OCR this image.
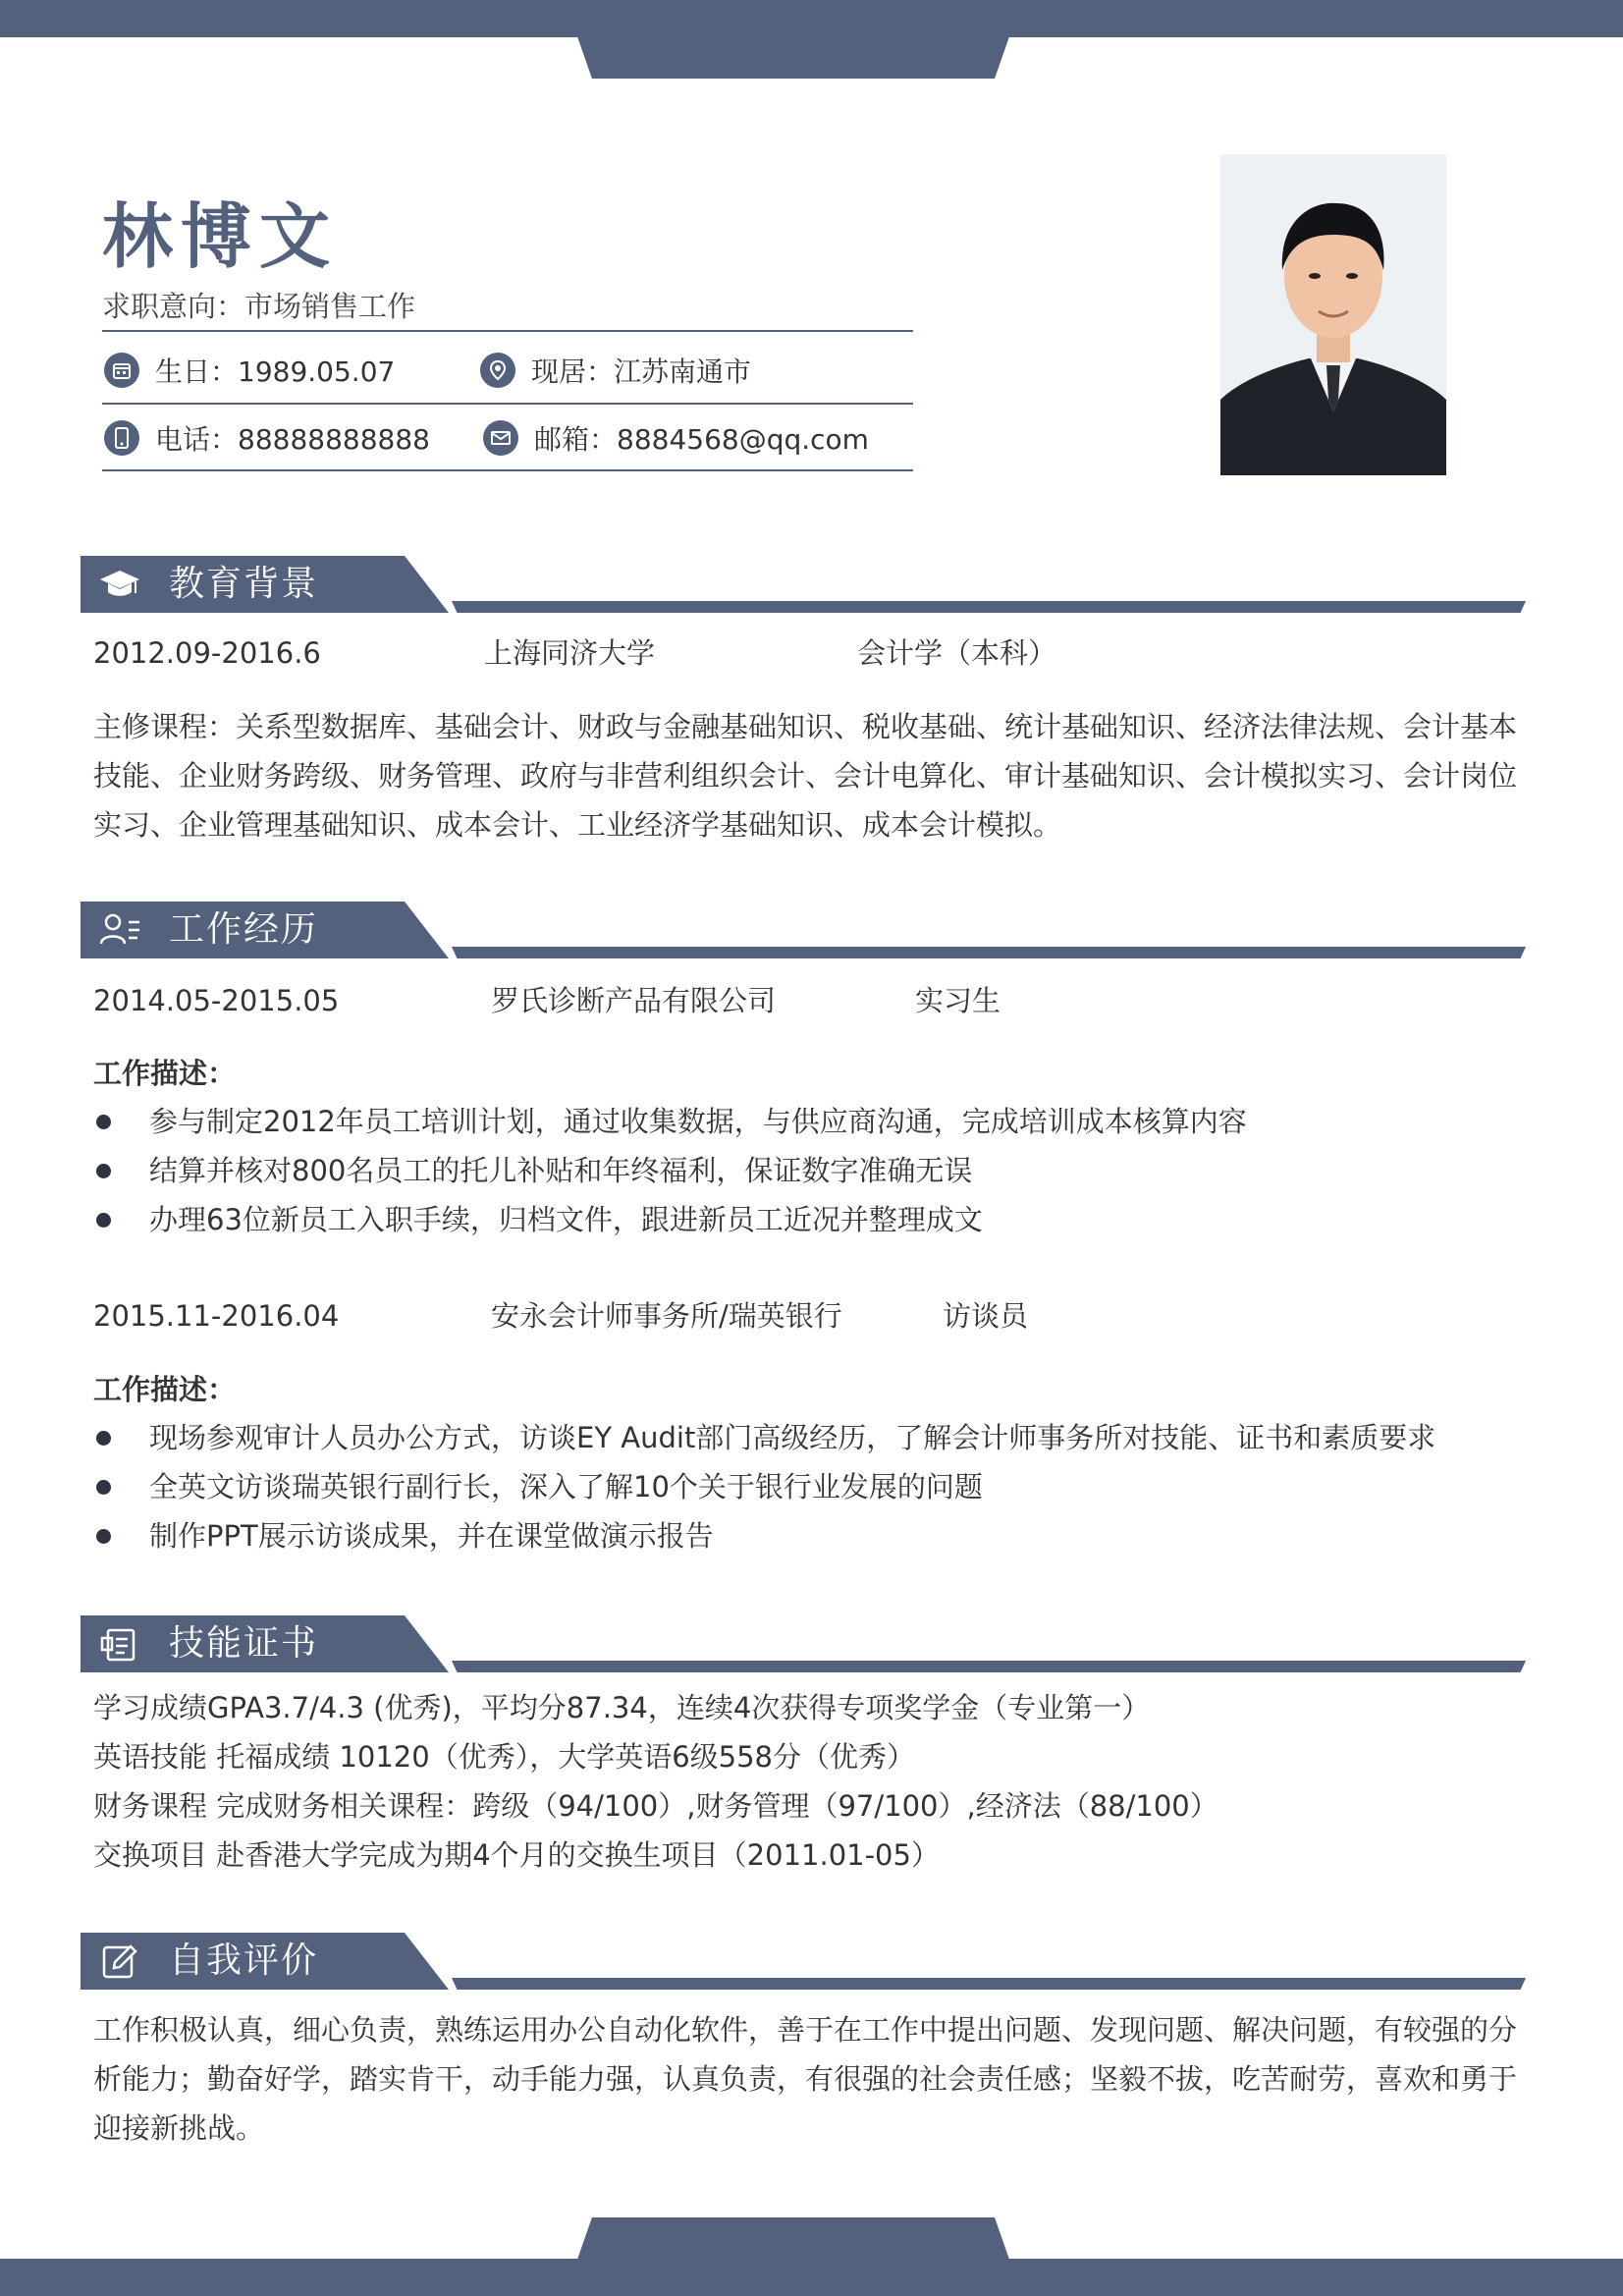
林博文
求职意向：市场销售工作
生日：1989.05.07	现居：江苏南通市
电话：88888888888	邮箱：8884568@qq.com
教育背景
2012.09-2016.6	上海同济大学	会计学（本科）
主修课程：关系型数据库、基础会计、财政与金融基础知识、税收基础、统计基础知识、经济法律法规、会计基本技能、企业财务跨级、财务管理、政府与非营利组织会计、会计电算化、审计基础知识、会计模拟实习、会计岗位实习、企业管理基础知识、成本会计、工业经济学基础知识、成本会计模拟。
工作经历
2014.05-2015.05	罗氏诊断产品有限公司	实习生
工作描述：
参与制定2012年员工培训计划，通过收集数据，与供应商沟通，完成培训成本核算内容
结算并核对800名员工的托儿补贴和年终福利，保证数字准确无误
办理63位新员工入职手续，归档文件，跟进新员工近况并整理成文
2015.11-2016.04	安永会计师事务所/瑞英银行	访谈员
工作描述：
现场参观审计人员办公方式，访谈EY Audit部门高级经历，了解会计师事务所对技能、证书和素质要求
全英文访谈瑞英银行副行长，深入了解10个关于银行业发展的问题
制作PPT展示访谈成果，并在课堂做演示报告
技能证书
学习成绩GPA3.7/4.3 (优秀)，平均分87.34，连续4次获得专项奖学金（专业第一）
英语技能 托福成绩 10120（优秀），大学英语6级558分（优秀）
财务课程 完成财务相关课程：跨级（94/100）,财务管理（97/100）,经济法（88/100）
交换项目 赴香港大学完成为期4个月的交换生项目（2011.01-05）
自我评价
工作积极认真，细心负责，熟练运用办公自动化软件，善于在工作中提出问题、发现问题、解决问题，有较强的分析能力；勤奋好学，踏实肯干，动手能力强，认真负责，有很强的社会责任感；坚毅不拔，吃苦耐劳，喜欢和勇于迎接新挑战。
